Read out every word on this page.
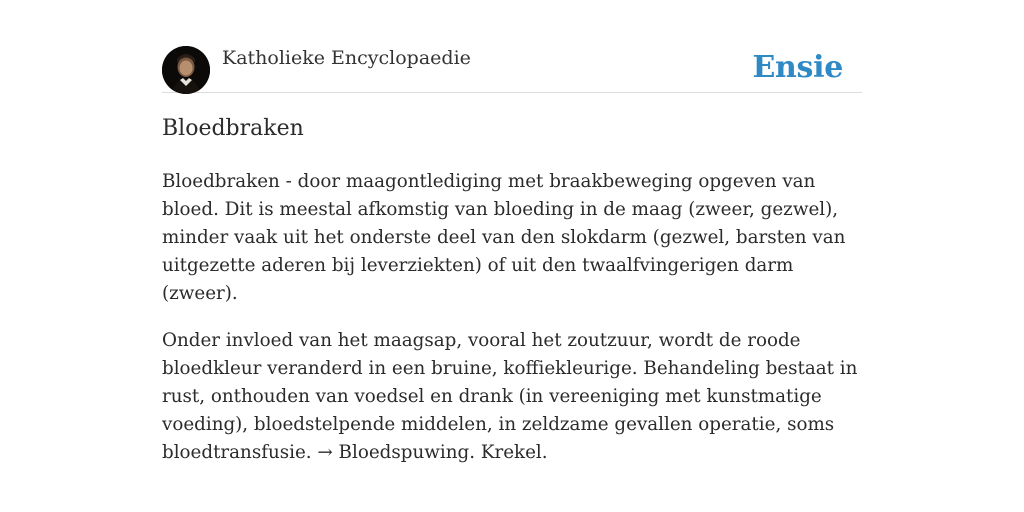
Katholieke Encyclopaedie	Ensie
Bloedbraken

Bloedbraken - door maagontlediging met braakbeweging opgeven van bloed. Dit is meestal afkomstig van bloeding in de maag (zweer, gezwel), minder vaak uit het onderste deel van den slokdarm (gezwel, barsten van uitgezette aderen bij leverziekten) of uit den twaalfvingerigen darm (zweer).

Onder invloed van het maagsap, vooral het zoutzuur, wordt de roode bloedkleur veranderd in een bruine, koffiekleurige. Behandeling bestaat in rust, onthouden van voedsel en drank (in vereeniging met kunstmatige voeding), bloedstelpende middelen, in zeldzame gevallen operatie, soms bloedtransfusie. → Bloedspuwing. Krekel.
